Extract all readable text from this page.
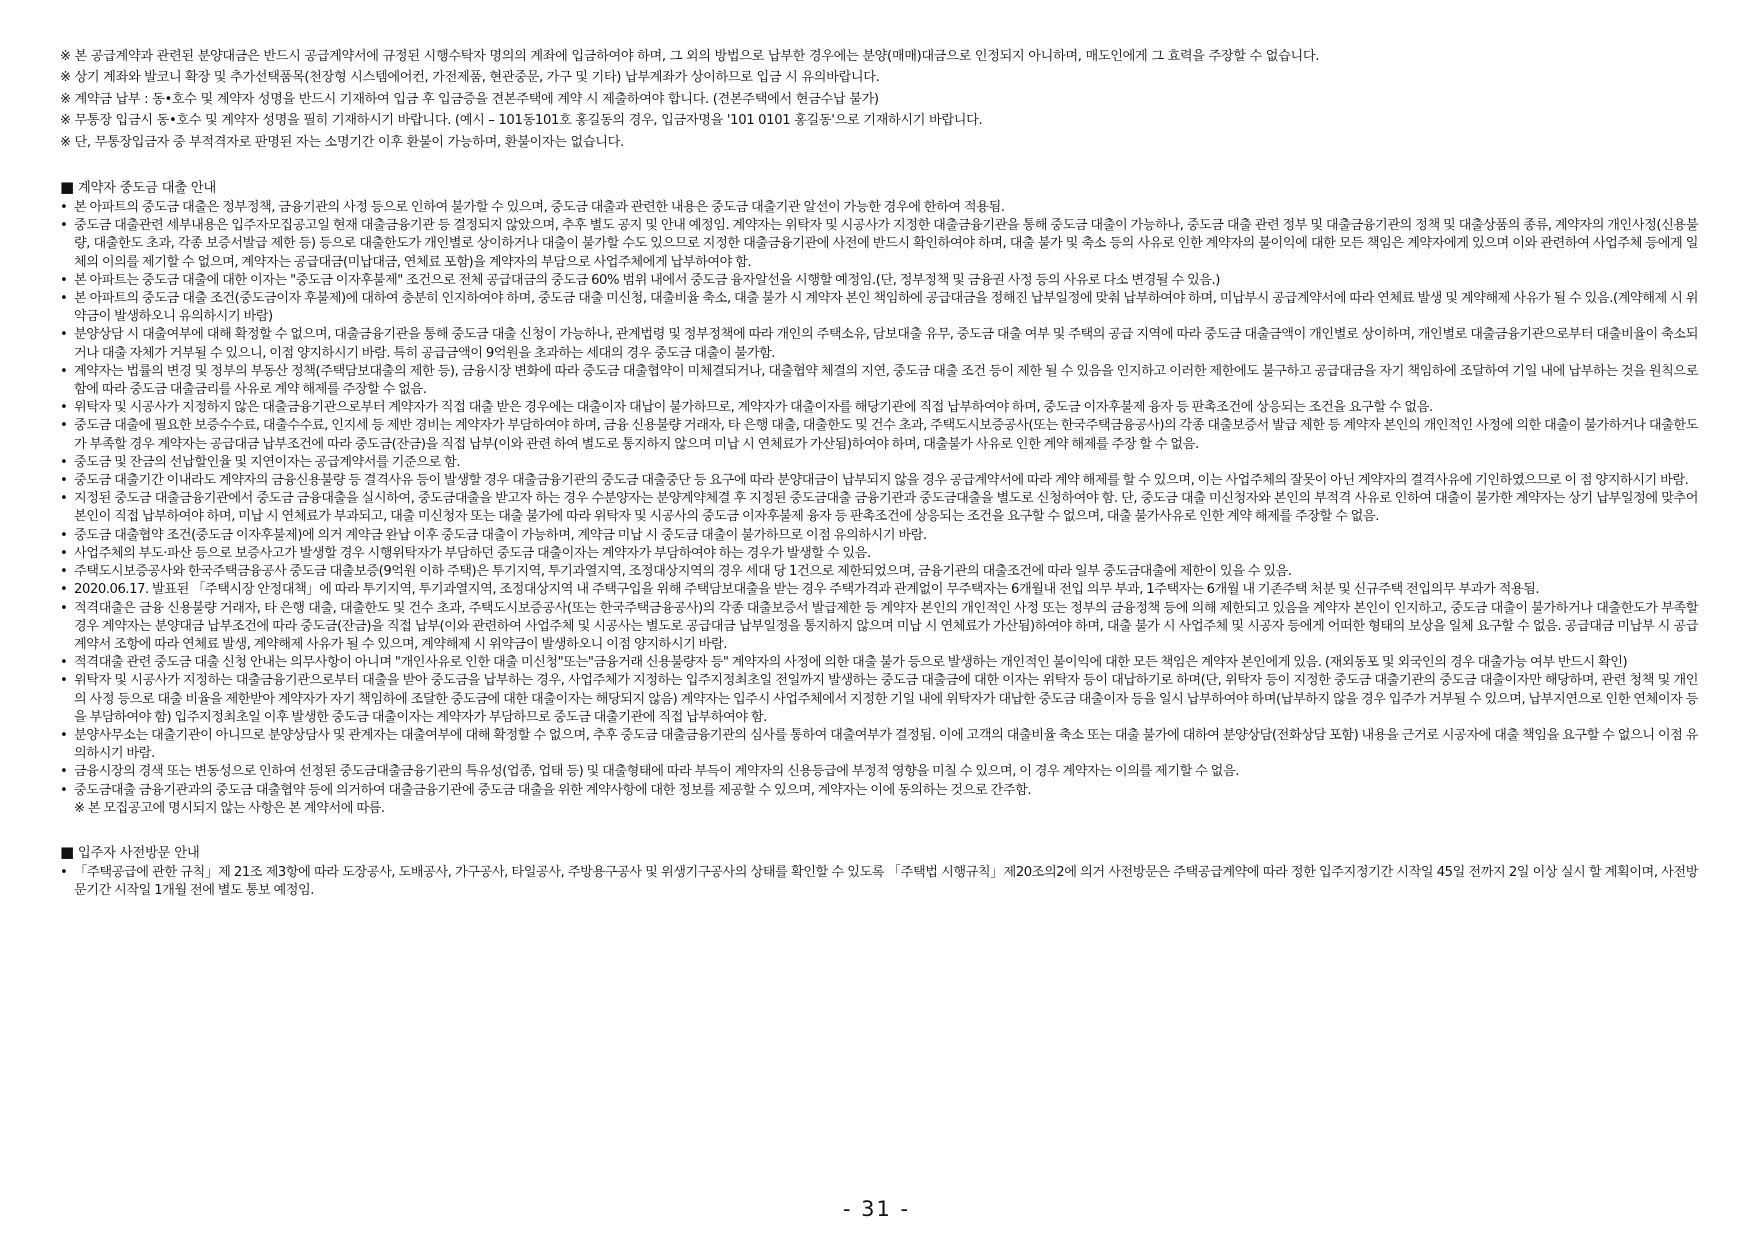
※ 본 공급계약과 관련된 분양대금은 반드시 공급계약서에 규정된 시행수탁자 명의의 계좌에 입금하여야 하며, 그 외의 방법으로 납부한 경우에는 분양(매매)대금으로 인정되지 아니하며, 매도인에게 그 효력을 주장할 수 없습니다.
※ 상기 계좌와 발코니 확장 및 추가선택품목(천장형 시스템에어컨, 가전제품, 현관중문, 가구 및 기타) 납부계좌가 상이하므로 입금 시 유의바랍니다.
※ 계약금 납부 : 동•호수 및 계약자 성명을 반드시 기재하여 입금 후 입금증을 견본주택에 계약 시 제출하여야 합니다. (견본주택에서 현금수납 불가)
※ 무통장 입금시 동•호수 및 계약자 성명을 필히 기재하시기 바랍니다. (예시 – 101동101호 홍길동의 경우, 입금자명을 '101 0101 홍길동'으로 기재하시기 바랍니다.
※ 단, 무통장입금자 중 부적격자로 판명된 자는 소명기간 이후 환불이 가능하며, 환불이자는 없습니다.
■ 계약자 중도금 대출 안내
• 본 아파트의 중도금 대출은 정부정책, 금융기관의 사정 등으로 인하여 불가할 수 있으며, 중도금 대출과 관련한 내용은 중도금 대출기관 알선이 가능한 경우에 한하여 적용됨.
• 중도금 대출관련 세부내용은 입주자모집공고일 현재 대출금융기관 등 결정되지 않았으며, 추후 별도 공지 및 안내 예정임. 계약자는 위탁자 및 시공사가 지정한 대출금융기관을 통해 중도금 대출이 가능하나, 중도금 대출 관련 정부 및 대출금융기관의 정책 및 대출상품의 종류, 계약자의 개인사정(신용불량, 대출한도 초과, 각종 보증서발급 제한 등) 등으로 대출한도가 개인별로 상이하거나 대출이 불가할 수도 있으므로 지정한 대출금융기관에 사전에 반드시 확인하여야 하며, 대출 불가 및 축소 등의 사유로 인한 계약자의 불이익에 대한 모든 책임은 계약자에게 있으며 이와 관련하여 사업주체 등에게 일체의 이의를 제기할 수 없으며, 계약자는 공급대금(미납대금, 연체료 포함)을 계약자의 부담으로 사업주체에게 납부하여야 함.
• 본 아파트는 중도금 대출에 대한 이자는 "중도금 이자후불제" 조건으로 전체 공급대금의 중도금 60% 범위 내에서 중도금 융자알선을 시행할 예정임.(단, 정부정책 및 금융권 사정 등의 사유로 다소 변경될 수 있음.)
• 본 아파트의 중도금 대출 조건(중도금이자 후불제)에 대하여 충분히 인지하여야 하며, 중도금 대출 미신청, 대출비율 축소, 대출 불가 시 계약자 본인 책임하에 공급대금을 정해진 납부일정에 맞춰 납부하여야 하며, 미납부시 공급계약서에 따라 연체료 발생 및 계약해제 사유가 될 수 있음.(계약해제 시 위약금이 발생하오니 유의하시기 바람)
• 분양상담 시 대출여부에 대해 확정할 수 없으며, 대출금융기관을 통해 중도금 대출 신청이 가능하나, 관계법령 및 정부정책에 따라 개인의 주택소유, 담보대출 유무, 중도금 대출 여부 및 주택의 공급 지역에 따라 중도금 대출금액이 개인별로 상이하며, 개인별로 대출금융기관으로부터 대출비율이 축소되거나 대출 자체가 거부될 수 있으니, 이점 양지하시기 바람. 특히 공급금액이 9억원을 초과하는 세대의 경우 중도금 대출이 불가함.
• 계약자는 법률의 변경 및 정부의 부동산 정책(주택담보대출의 제한 등), 금융시장 변화에 따라 중도금 대출협약이 미체결되거나, 대출협약 체결의 지연, 중도금 대출 조건 등이 제한 될 수 있음을 인지하고 이러한 제한에도 불구하고 공급대금을 자기 책임하에 조달하여 기일 내에 납부하는 것을 원칙으로 함에 따라 중도금 대출금리를 사유로 계약 해제를 주장할 수 없음.
• 위탁자 및 시공사가 지정하지 않은 대출금융기관으로부터 계약자가 직접 대출 받은 경우에는 대출이자 대납이 불가하므로, 계약자가 대출이자를 해당기관에 직접 납부하여야 하며, 중도금 이자후불제 융자 등 판촉조건에 상응되는 조건을 요구할 수 없음.
• 중도금 대출에 필요한 보증수수료, 대출수수료, 인지세 등 제반 경비는 계약자가 부담하여야 하며, 금융 신용불량 거래자, 타 은행 대출, 대출한도 및 건수 초과, 주택도시보증공사(또는 한국주택금융공사)의 각종 대출보증서 발급 제한 등 계약자 본인의 개인적인 사정에 의한 대출이 불가하거나 대출한도가 부족할 경우 계약자는 공급대금 납부조건에 따라 중도금(잔금)을 직접 납부(이와 관련 하여 별도로 통지하지 않으며 미납 시 연체료가 가산됨)하여야 하며, 대출불가 사유로 인한 계약 해제를 주장 할 수 없음.
• 중도금 및 잔금의 선납할인율 및 지연이자는 공급계약서를 기준으로 함.
• 중도금 대출기간 이내라도 계약자의 금융신용불량 등 결격사유 등이 발생할 경우 대출금융기관의 중도금 대출중단 등 요구에 따라 분양대금이 납부되지 않을 경우 공급계약서에 따라 계약 해제를 할 수 있으며, 이는 사업주체의 잘못이 아닌 계약자의 결격사유에 기인하였으므로 이 점 양지하시기 바람.
• 지정된 중도금 대출금융기관에서 중도금 금융대출을 실시하여, 중도금대출을 받고자 하는 경우 수분양자는 분양계약체결 후 지정된 중도금대출 금융기관과 중도금대출을 별도로 신청하여야 함. 단, 중도금 대출 미신청자와 본인의 부적격 사유로 인하여 대출이 불가한 계약자는 상기 납부일정에 맞추어 본인이 직접 납부하여야 하며, 미납 시 연체료가 부과되고, 대출 미신청자 또는 대출 불가에 따라 위탁자 및 시공사의 중도금 이자후불제 융자 등 판촉조건에 상응되는 조건을 요구할 수 없으며, 대출 불가사유로 인한 계약 해제를 주장할 수 없음.
• 중도금 대출협약 조건(중도금 이자후불제)에 의거 계약금 완납 이후 중도금 대출이 가능하며, 계약금 미납 시 중도금 대출이 불가하므로 이점 유의하시기 바람.
• 사업주체의 부도·파산 등으로 보증사고가 발생할 경우 시행위탁자가 부담하던 중도금 대출이자는 계약자가 부담하여야 하는 경우가 발생할 수 있음.
• 주택도시보증공사와 한국주택금융공사 중도금 대출보증(9억원 이하 주택)은 투기지역, 투기과열지역, 조정대상지역의 경우 세대 당 1건으로 제한되었으며, 금융기관의 대출조건에 따라 일부 중도금대출에 제한이 있을 수 있음.
• 2020.06.17. 발표된 「주택시장 안정대책」에 따라 투기지역, 투기과열지역, 조정대상지역 내 주택구입을 위해 주택담보대출을 받는 경우 주택가격과 관계없이 무주택자는 6개월내 전입 의무 부과, 1주택자는 6개월 내 기존주택 처분 및 신규주택 전입의무 부과가 적용됨.
• 적격대출은 금융 신용불량 거래자, 타 은행 대출, 대출한도 및 건수 초과, 주택도시보증공사(또는 한국주택금융공사)의 각종 대출보증서 발급제한 등 계약자 본인의 개인적인 사정 또는 정부의 금융정책 등에 의해 제한되고 있음을 계약자 본인이 인지하고, 중도금 대출이 불가하거나 대출한도가 부족할 경우 계약자는 분양대금 납부조건에 따라 중도금(잔금)을 직접 납부(이와 관련하여 사업주체 및 시공사는 별도로 공급대금 납부일정을 통지하지 않으며 미납 시 연체료가 가산됨)하여야 하며, 대출 불가 시 사업주체 및 시공자 등에게 어떠한 형태의 보상을 일체 요구할 수 없음. 공급대금 미납부 시 공급계약서 조항에 따라 연체료 발생, 계약해제 사유가 될 수 있으며, 계약해제 시 위약금이 발생하오니 이점 양지하시기 바람.
• 적격대출 관련 중도금 대출 신청 안내는 의무사항이 아니며 "개인사유로 인한 대출 미신청"또는"금융거래 신용불량자 등" 계약자의 사정에 의한 대출 불가 등으로 발생하는 개인적인 불이익에 대한 모든 책임은 계약자 본인에게 있음. (재외동포 및 외국인의 경우 대출가능 여부 반드시 확인)
• 위탁자 및 시공사가 지정하는 대출금융기관으로부터 대출을 받아 중도금을 납부하는 경우, 사업주체가 지정하는 입주지정최초일 전일까지 발생하는 중도금 대출금에 대한 이자는 위탁자 등이 대납하기로 하며(단, 위탁자 등이 지정한 중도금 대출기관의 중도금 대출이자만 해당하며, 관련 청책 및 개인의 사정 등으로 대출 비율을 제한받아 계약자가 자기 책임하에 조달한 중도금에 대한 대출이자는 해당되지 않음) 계약자는 입주시 사업주체에서 지정한 기일 내에 위탁자가 대납한 중도금 대출이자 등을 일시 납부하여야 하며(납부하지 않을 경우 입주가 거부될 수 있으며, 납부지연으로 인한 연체이자 등을 부담하여야 함) 입주지정최초일 이후 발생한 중도금 대출이자는 계약자가 부담하므로 중도금 대출기관에 직접 납부하여야 함.
• 분양사무소는 대출기관이 아니므로 분양상담사 및 관계자는 대출여부에 대해 확정할 수 없으며, 추후 중도금 대출금융기관의 심사를 통하여 대출여부가 결정됨. 이에 고객의 대출비율 축소 또는 대출 불가에 대하여 분양상담(전화상담 포함) 내용을 근거로 시공자에 대출 책임을 요구할 수 없으니 이점 유의하시기 바람.
• 금융시장의 경색 또는 변동성으로 인하여 선정된 중도금대출금융기관의 특유성(업종, 업태 등) 및 대출형태에 따라 부득이 계약자의 신용등급에 부정적 영향을 미칠 수 있으며, 이 경우 계약자는 이의를 제기할 수 없음.
• 중도금대출 금융기관과의 중도금 대출협약 등에 의거하여 대출금융기관에 중도금 대출을 위한 계약사항에 대한 정보를 제공할 수 있으며, 계약자는 이에 동의하는 것으로 간주함.
※ 본 모집공고에 명시되지 않는 사항은 본 계약서에 따름.
■ 입주자 사전방문 안내
• 「주택공급에 관한 규칙」제 21조 제3항에 따라 도장공사, 도배공사, 가구공사, 타일공사, 주방용구공사 및 위생기구공사의 상태를 확인할 수 있도록 「주택법 시행규칙」제20조의2에 의거 사전방문은 주택공급계약에 따라 정한 입주지정기간 시작일 45일 전까지 2일 이상 실시 할 계획이며, 사전방문기간 시작일 1개월 전에 별도 통보 예정임.
- 31 -
